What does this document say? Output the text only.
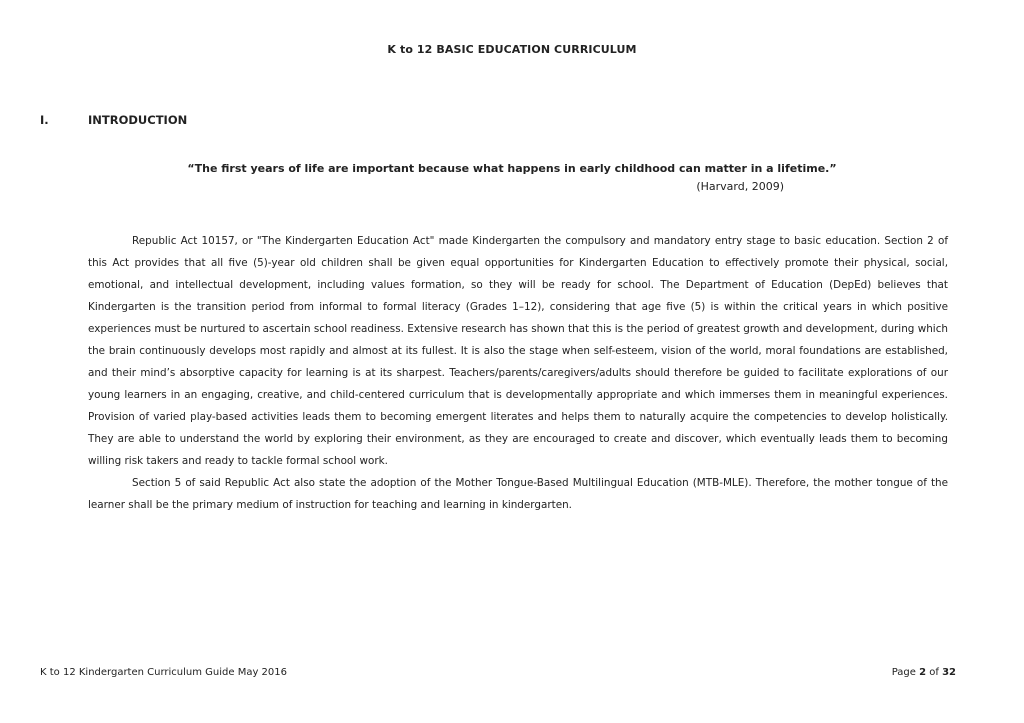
K to 12 BASIC EDUCATION CURRICULUM
I.	INTRODUCTION
“The first years of life are important because what happens in early childhood can matter in a lifetime.”
(Harvard, 2009)

Republic Act 10157, or "The Kindergarten Education Act" made Kindergarten the compulsory and mandatory entry stage to basic education. Section 2 of this Act provides that all five (5)-year old children shall be given equal opportunities for Kindergarten Education to effectively promote their physical, social, emotional, and intellectual development, including values formation, so they will be ready for school. The Department of Education (DepEd) believes that Kindergarten is the transition period from informal to formal literacy (Grades 1–12), considering that age five (5) is within the critical years in which positive experiences must be nurtured to ascertain school readiness. Extensive research has shown that this is the period of greatest growth and development, during which the brain continuously develops most rapidly and almost at its fullest. It is also the stage when self-esteem, vision of the world, moral foundations are established, and their mind’s absorptive capacity for learning is at its sharpest. Teachers/parents/caregivers/adults should therefore be guided to facilitate explorations of our young learners in an engaging, creative, and child-centered curriculum that is developmentally appropriate and which immerses them in meaningful experiences. Provision of varied play-based activities leads them to becoming emergent literates and helps them to naturally acquire the competencies to develop holistically. They are able to understand the world by exploring their environment, as they are encouraged to create and discover, which eventually leads them to becoming willing risk takers and ready to tackle formal school work.

Section 5 of said Republic Act also state the adoption of the Mother Tongue-Based Multilingual Education (MTB-MLE). Therefore, the mother tongue of the learner shall be the primary medium of instruction for teaching and learning in kindergarten.

K to 12 Kindergarten Curriculum Guide May 2016	Page 2 of 32
